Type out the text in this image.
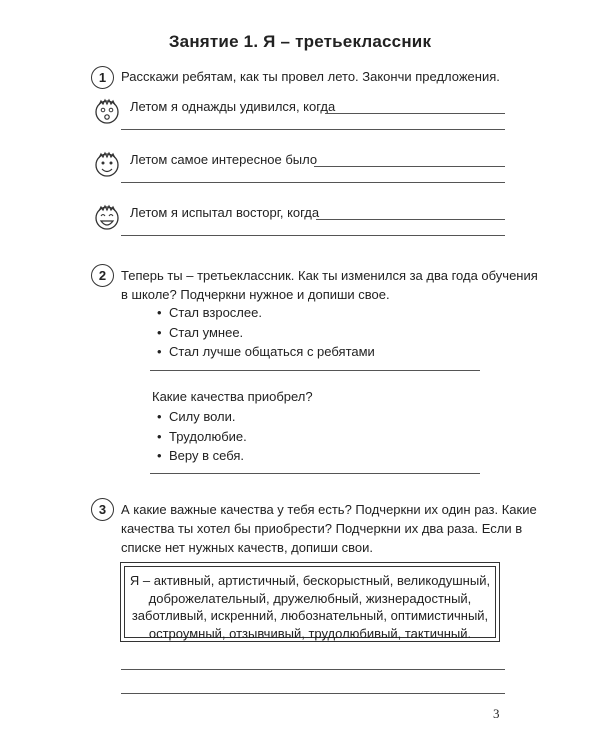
Занятие 1. Я – третьеклассник
1	Расскажи ребятам, как ты провел лето. Закончи предложения.
Летом я однажды удивился, когда
Летом самое интересное было
Летом я испытал восторг, когда
2	Теперь ты – третьеклассник. Как ты изменился за два года обучения
в школе? Подчеркни нужное и допиши свое.
• Стал взрослее.
• Стал умнее.
• Стал лучше общаться с ребятами
Какие качества приобрел?
• Силу воли.
• Трудолюбие.
• Веру в себя.
3	А какие важные качества у тебя есть? Подчеркни их один раз. Какие
качества ты хотел бы приобрести? Подчеркни их два раза. Если в
списке нет нужных качеств, допиши свои.
Я – активный, артистичный, бескорыстный, великодушный,
доброжелательный, дружелюбный, жизнерадостный,
заботливый, искренний, любознательный, оптимистичный,
остроумный, отзывчивый, трудолюбивый, тактичный.
3
